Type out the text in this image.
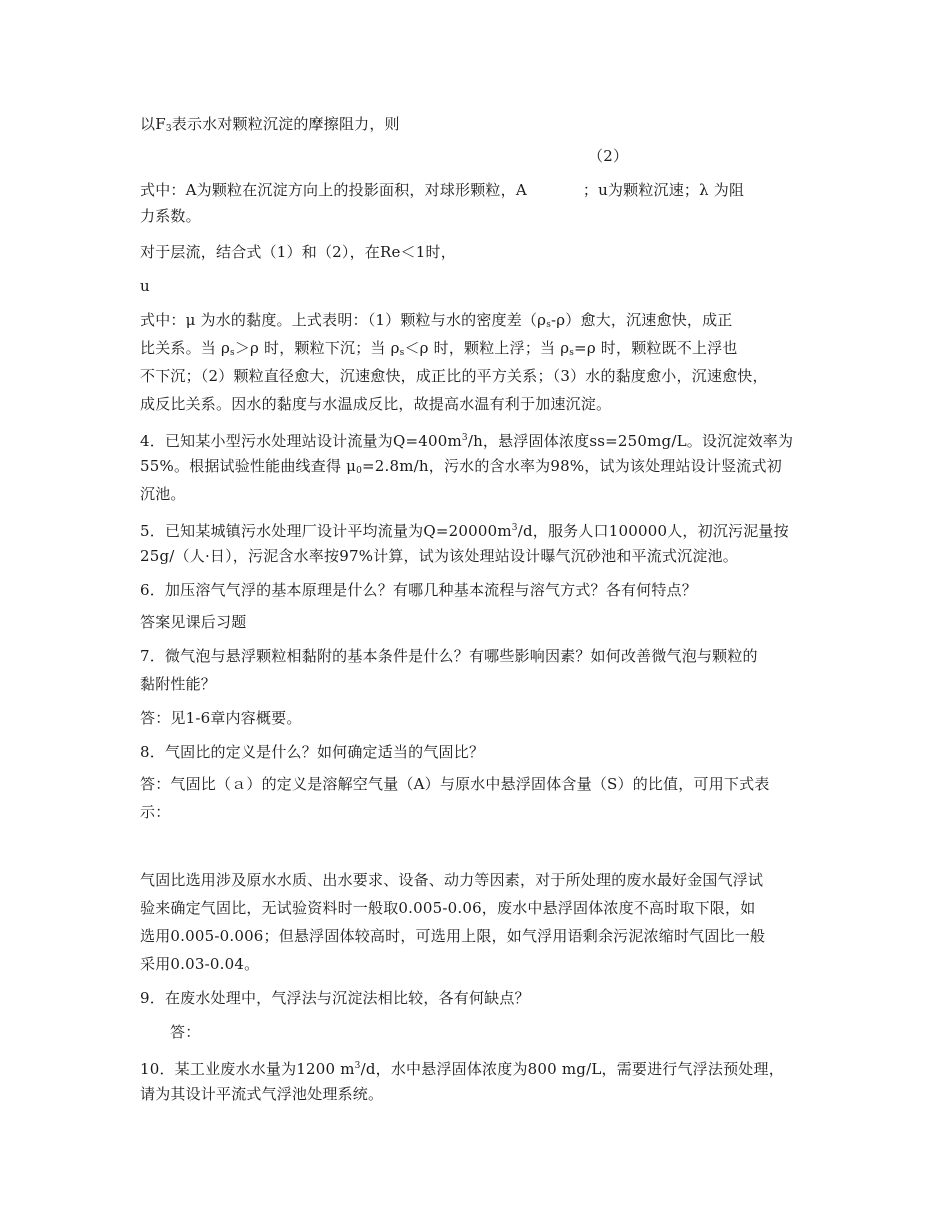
以$F_3$表示水对颗粒沉淀的摩擦阻力，则
（2）
式中：A为颗粒在沉淀方向上的投影面积，对球形颗粒，A	；u为颗粒沉速；λ 为阻
力系数。
对于层流，结合式（1）和（2），在Re＜1时，
u
式中：μ 为水的黏度。上式表明：（1）颗粒与水的密度差$(\rho_s-\rho)$愈大，沉速愈快，成正
比关系。当 $\rho_s>\rho$ 时，颗粒下沉；当 $\rho_s<\rho$ 时，颗粒上浮；当 $\rho_s=\rho$ 时，颗粒既不上浮也
不下沉；（2）颗粒直径愈大，沉速愈快，成正比的平方关系；（3）水的黏度愈小，沉速愈快，
成反比关系。因水的黏度与水温成反比，故提高水温有利于加速沉淀。
4．已知某小型污水处理站设计流量为$Q=400m^3/h$，悬浮固体浓度ss=250mg/L。设沉淀效率为
55%。根据试验性能曲线查得 $\mu_0=2.8m/h$，污水的含水率为98%，试为该处理站设计竖流式初
沉池。
5．已知某城镇污水处理厂设计平均流量为$Q=20000m^3/d$，服务人口100000人，初沉污泥量按
25g/（人·日），污泥含水率按97%计算，试为该处理站设计曝气沉砂池和平流式沉淀池。
6．加压溶气气浮的基本原理是什么？有哪几种基本流程与溶气方式？各有何特点？
答案见课后习题
7．微气泡与悬浮颗粒相黏附的基本条件是什么？有哪些影响因素？如何改善微气泡与颗粒的
黏附性能？
答：见1-6章内容概要。
8．气固比的定义是什么？如何确定适当的气固比？
答：气固比（ａ）的定义是溶解空气量（A）与原水中悬浮固体含量（S）的比值，可用下式表
示：
气固比选用涉及原水水质、出水要求、设备、动力等因素，对于所处理的废水最好金国气浮试
验来确定气固比，无试验资料时一般取0.005-0.06，废水中悬浮固体浓度不高时取下限，如
选用0.005-0.006；但悬浮固体较高时，可选用上限，如气浮用语剩余污泥浓缩时气固比一般
采用0.03-0.04。
9．在废水处理中，气浮法与沉淀法相比较，各有何缺点？
答：
10．某工业废水水量为1200 $m^3/d$，水中悬浮固体浓度为800 mg/L，需要进行气浮法预处理，
请为其设计平流式气浮池处理系统。
